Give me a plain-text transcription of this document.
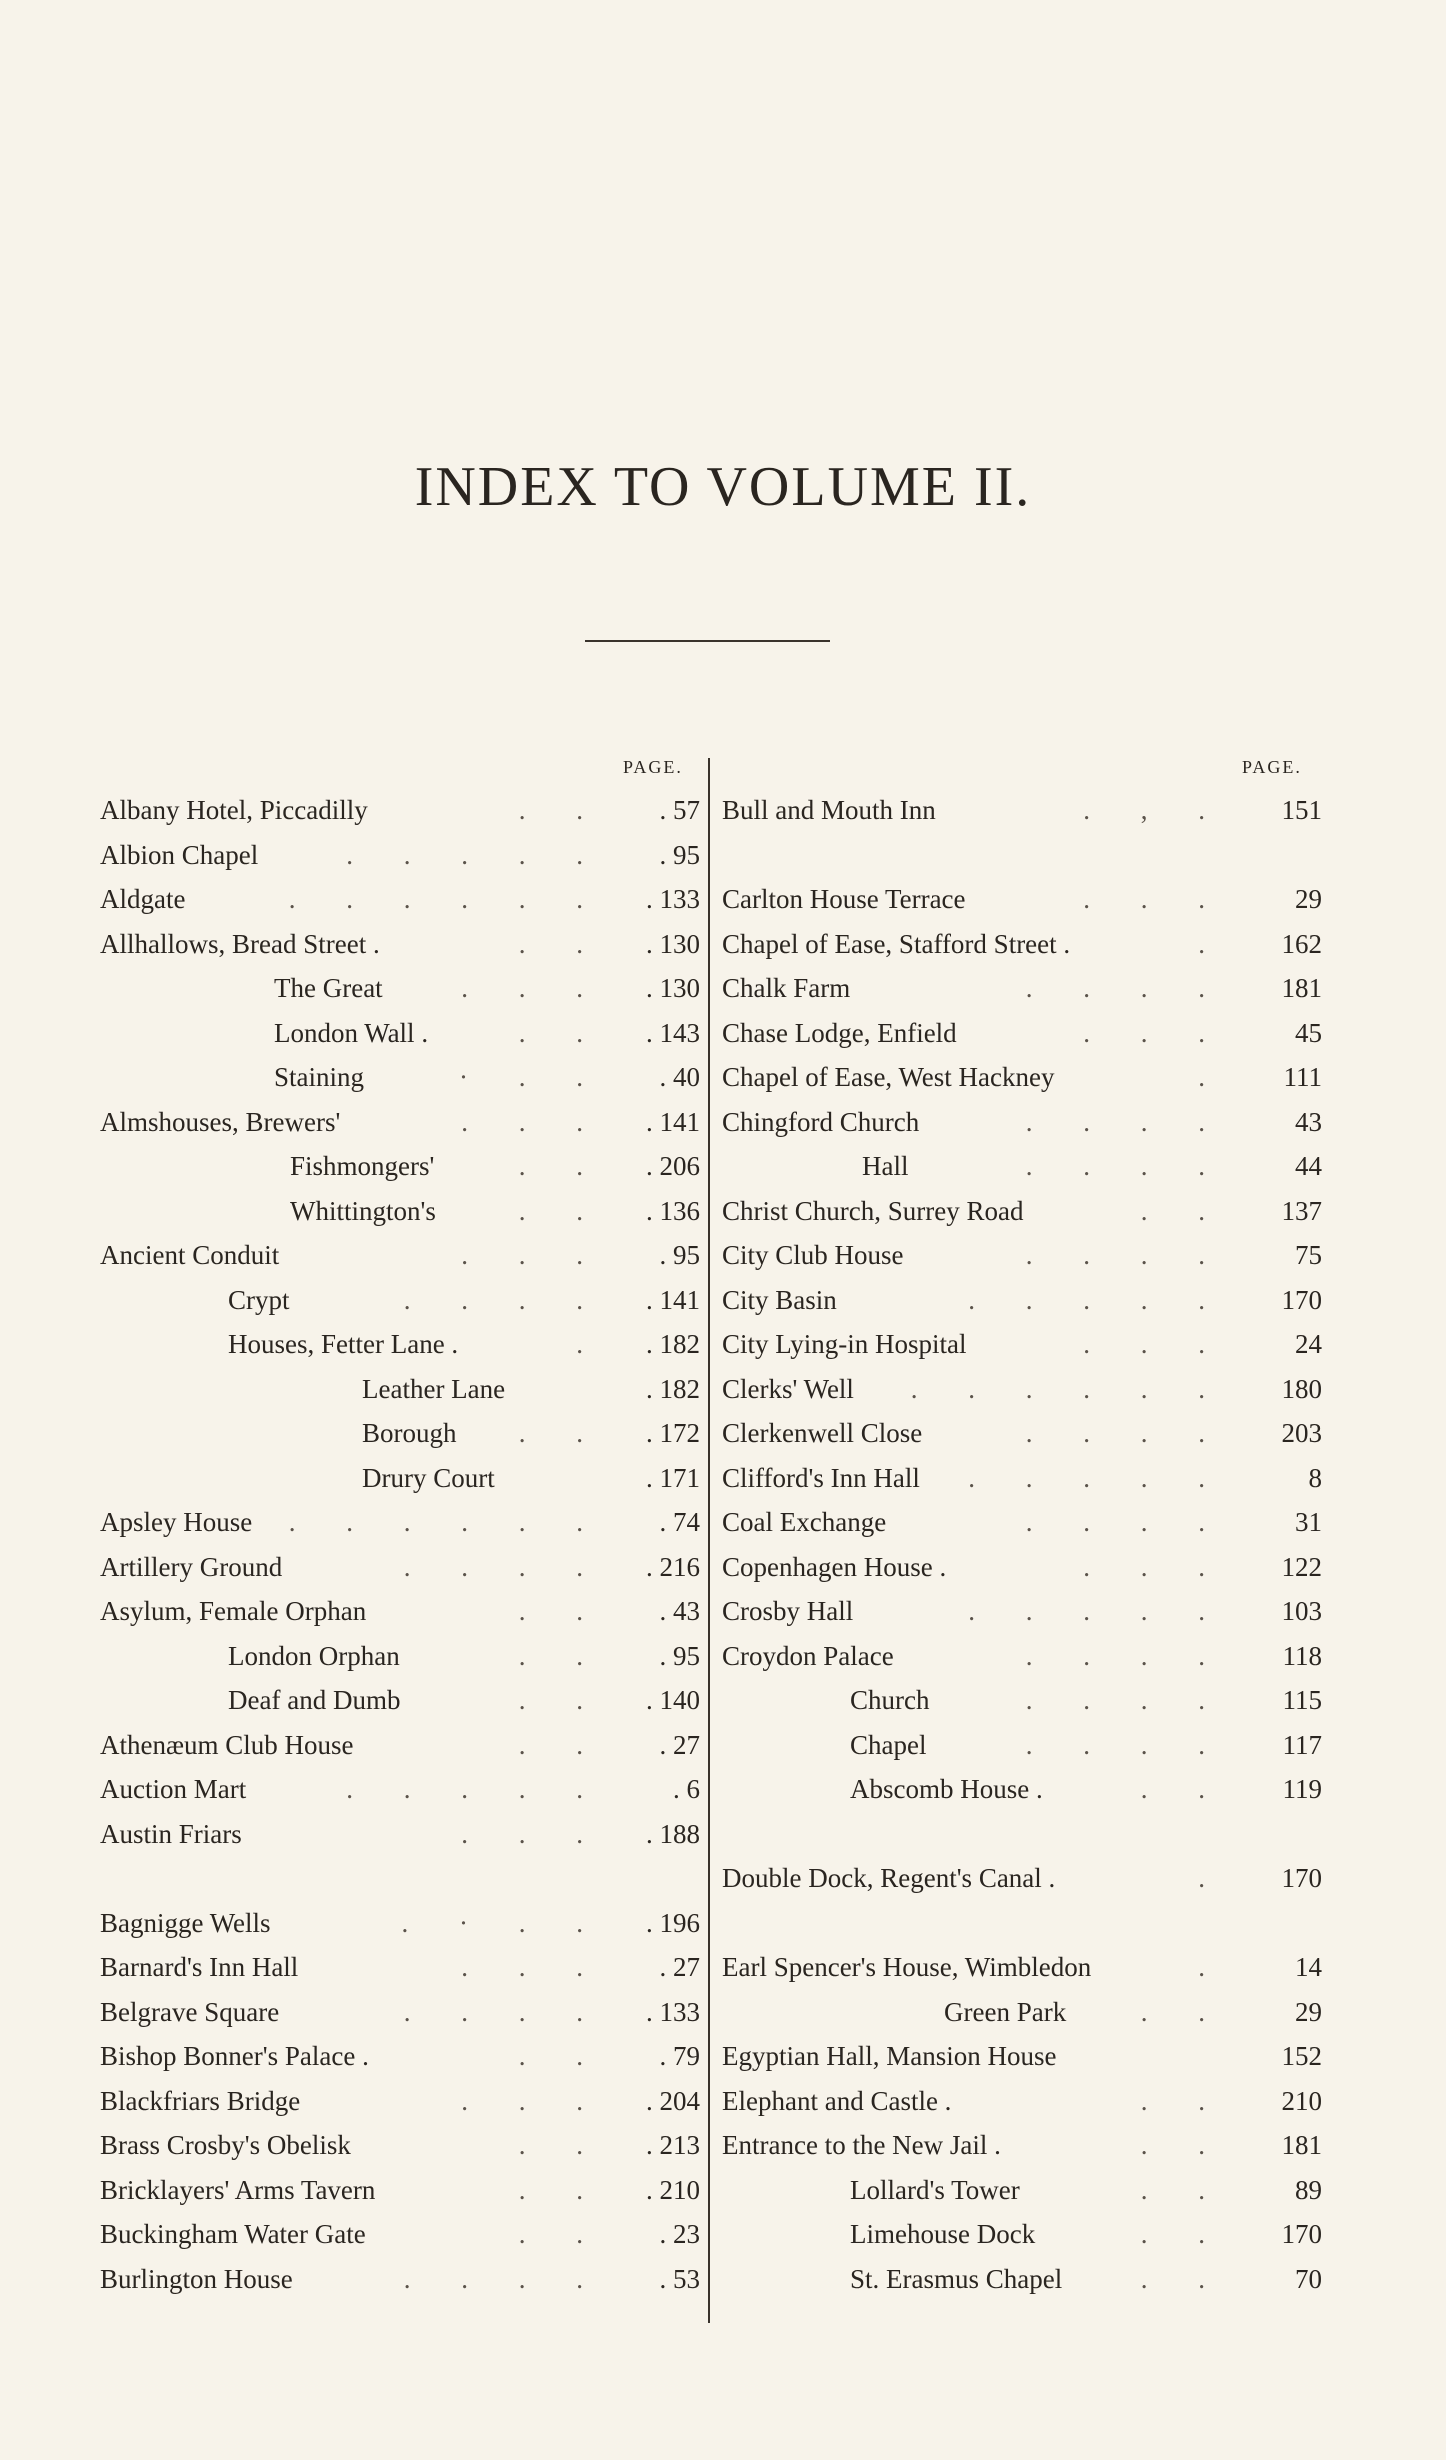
INDEX TO VOLUME II.
PAGE.	PAGE.
Albany Hotel, Piccadilly	. . . 57
Albion Chapel	. . . . . . 95
Aldgate	. . . . . . . 133
Allhallows, Bread Street .	. . . 130
The Great	. . . . 130
London Wall .	. . . 143
Staining	· . . . 40
Almshouses, Brewers'	. . . . 141
Fishmongers'	. . . 206
Whittington's	. . . 136
Ancient Conduit	. . . . 95
Crypt	. . . . . 141
Houses, Fetter Lane .	. . 182
Leather Lane	. 182
Borough . . . 172
Drury Court	. 171
Apsley House . . . . . . . 74
Artillery Ground	. . . . . 216
Asylum, Female Orphan	. . . 43
London Orphan	. . . 95
Deaf and Dumb	. . . 140
Athenæum Club House	. . . 27
Auction Mart	. . . . .	. 6
Austin Friars	. . . . 188
Bagnigge Wells	. · . . . 196
Barnard's Inn Hall	. . . . 27
Belgrave Square	. . . . . 133
Bishop Bonner's Palace .	. . . 79
Blackfriars Bridge	. . . . 204
Brass Crosby's Obelisk	. . . 213
Bricklayers' Arms Tavern	. . . 210
Buckingham Water Gate	. . . 23
Burlington House	. . . . . 53
Bull and Mouth Inn	. , . 151
Carlton House Terrace	. . .	29
Chapel of Ease, Stafford Street .	. 162
Chalk Farm	. . . . 181
Chase Lodge, Enfield	. . .	45
Chapel of Ease, West Hackney	. 111
Chingford Church	. . . .	43
Hall	. . . .	44
Christ Church, Surrey Road	. . 137
City Club House	. . . .	75
City Basin	. . . . . 170
City Lying-in Hospital	. . .	24
Clerks' Well . . . . . . 180
Clerkenwell Close	. . . . 203
Clifford's Inn Hall . . . . .	8
Coal Exchange	. . . .	31
Copenhagen House .	. . . 122
Crosby Hall	. . . . . 103
Croydon Palace	. . . . 118
Church	. . . . 115
Chapel	. . . . 117
Abscomb House .	. . 119
Double Dock, Regent's Canal .	. 170
Earl Spencer's House, Wimbledon	.	14
Green Park	. .	29
Egyptian Hall, Mansion House	152
Elephant and Castle .	. . 210
Entrance to the New Jail .	. . 181
Lollard's Tower	. .	89
Limehouse Dock	. . 170
St. Erasmus Chapel	. .	70
